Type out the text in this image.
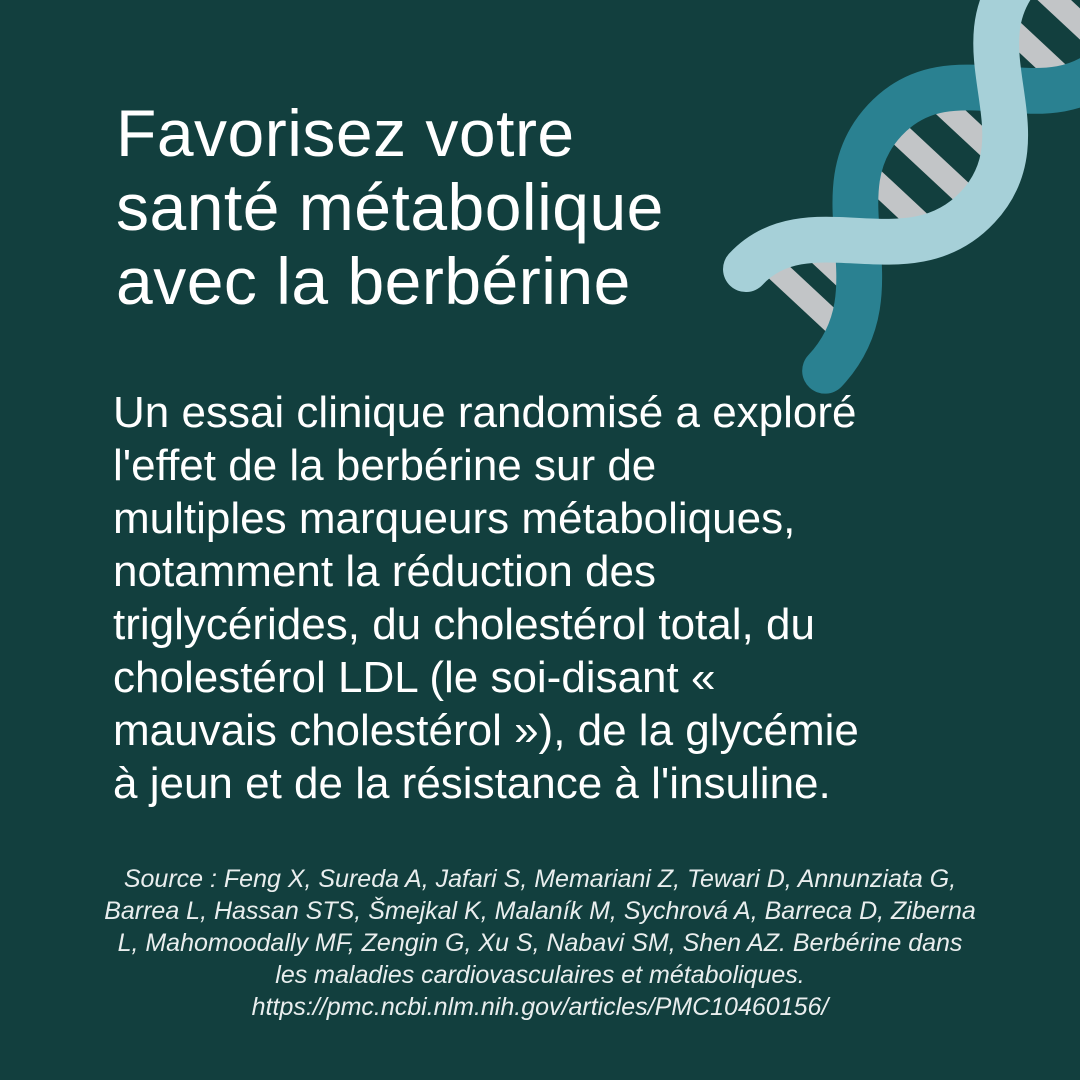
Favorisez votre
santé métabolique
avec la berbérine
Un essai clinique randomisé a exploré
l'effet de la berbérine sur de
multiples marqueurs métaboliques,
notamment la réduction des
triglycérides, du cholestérol total, du
cholestérol LDL (le soi-disant «
mauvais cholestérol »), de la glycémie
à jeun et de la résistance à l'insuline.
Source : Feng X, Sureda A, Jafari S, Memariani Z, Tewari D, Annunziata G,
Barrea L, Hassan STS, Šmejkal K, Malaník M, Sychrová A, Barreca D, Ziberna
L, Mahomoodally MF, Zengin G, Xu S, Nabavi SM, Shen AZ. Berbérine dans
les maladies cardiovasculaires et métaboliques.
https://pmc.ncbi.nlm.nih.gov/articles/PMC10460156/
